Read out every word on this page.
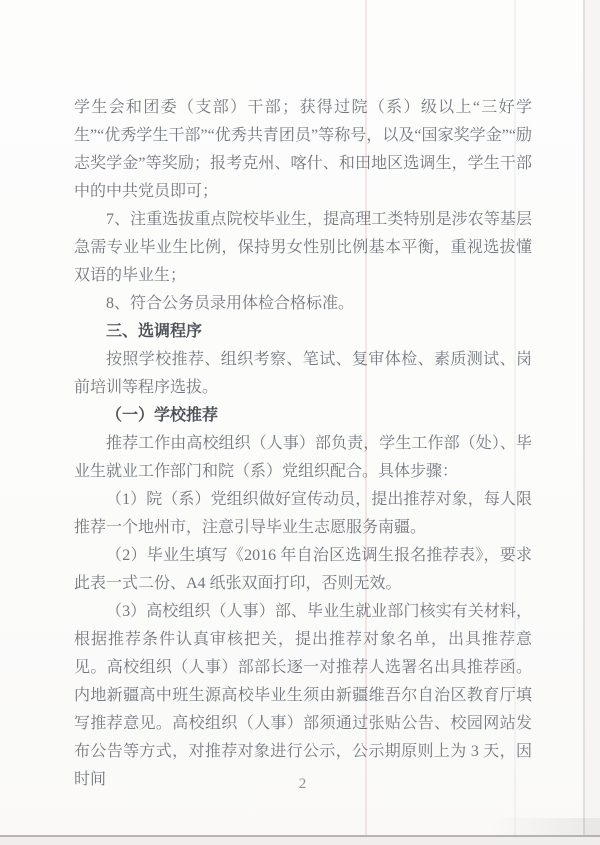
学生会和团委（支部）干部；获得过院（系）级以上“三好学生”“优秀学生干部”“优秀共青团员”等称号，以及“国家奖学金”“励志奖学金”等奖励；报考克州、喀什、和田地区选调生，学生干部中的中共党员即可；

7、注重选拔重点院校毕业生，提高理工类特别是涉农等基层急需专业毕业生比例，保持男女性别比例基本平衡，重视选拔懂双语的毕业生；

8、符合公务员录用体检合格标准。

三、选调程序

按照学校推荐、组织考察、笔试、复审体检、素质测试、岗前培训等程序选拔。

（一）学校推荐

推荐工作由高校组织（人事）部负责，学生工作部（处）、毕业生就业工作部门和院（系）党组织配合。具体步骤：

（1）院（系）党组织做好宣传动员，提出推荐对象，每人限推荐一个地州市，注意引导毕业生志愿服务南疆。

（2）毕业生填写《2016 年自治区选调生报名推荐表》，要求此表一式二份、A4 纸张双面打印，否则无效。

（3）高校组织（人事）部、毕业生就业部门核实有关材料，根据推荐条件认真审核把关，提出推荐对象名单，出具推荐意见。高校组织（人事）部部长逐一对推荐人选署名出具推荐函。内地新疆高中班生源高校毕业生须由新疆维吾尔自治区教育厅填写推荐意见。高校组织（人事）部须通过张贴公告、校园网站发布公告等方式，对推荐对象进行公示，公示期原则上为 3 天，因时间	2
